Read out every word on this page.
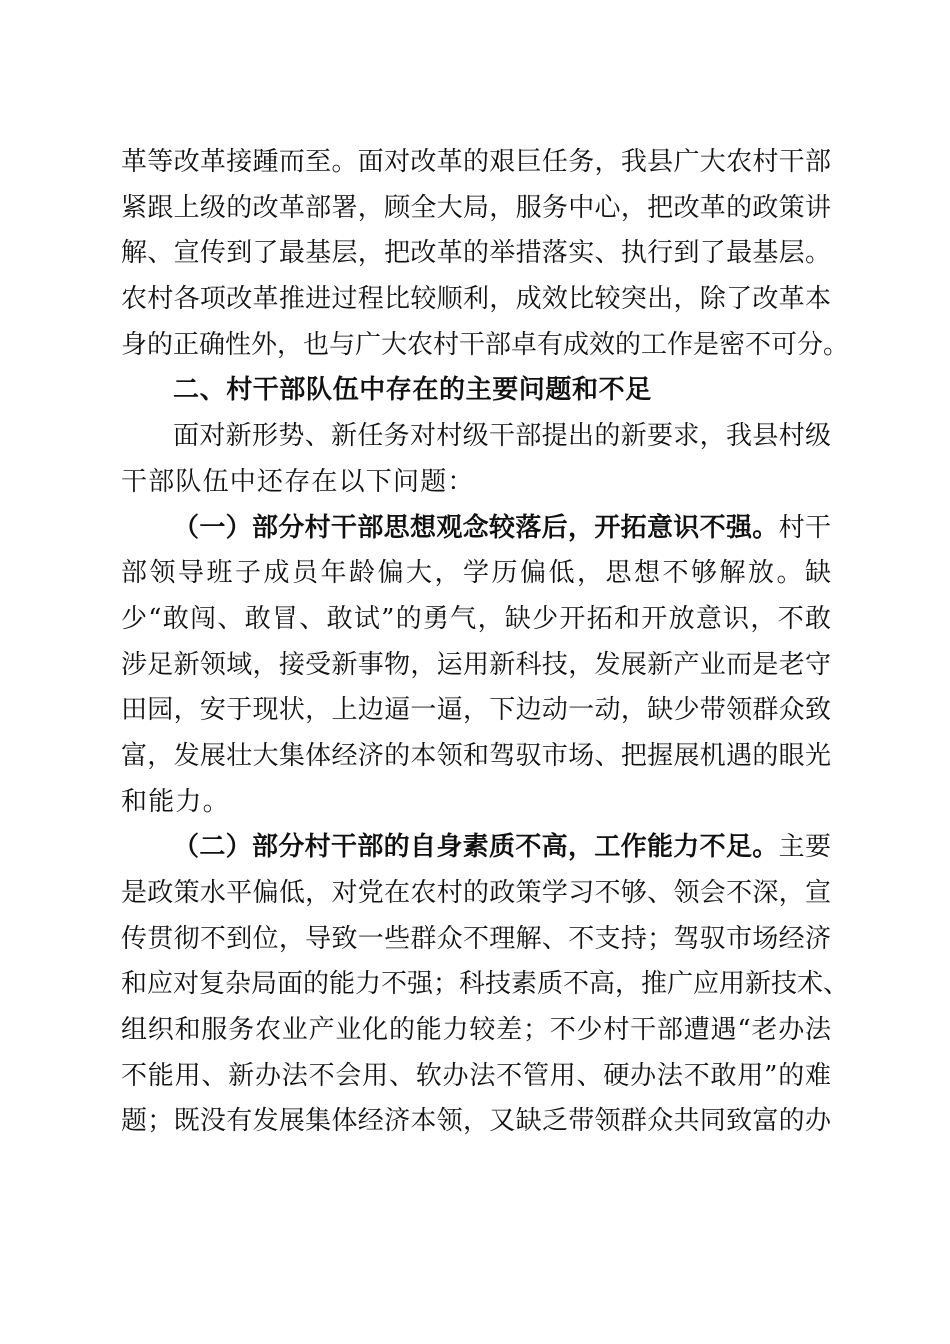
革等改革接踵而至。面对改革的艰巨任务，我县广大农村干部
紧跟上级的改革部署，顾全大局，服务中心，把改革的政策讲
解、宣传到了最基层，把改革的举措落实、执行到了最基层。
农村各项改革推进过程比较顺利，成效比较突出，除了改革本
身的正确性外，也与广大农村干部卓有成效的工作是密不可分。
二、村干部队伍中存在的主要问题和不足
面对新形势、新任务对村级干部提出的新要求，我县村级
干部队伍中还存在以下问题：
（一）部分村干部思想观念较落后，开拓意识不强。村干
部领导班子成员年龄偏大，学历偏低，思想不够解放。缺
少“敢闯、敢冒、敢试”的勇气，缺少开拓和开放意识，不敢
涉足新领域，接受新事物，运用新科技，发展新产业而是老守
田园，安于现状，上边逼一逼，下边动一动，缺少带领群众致
富，发展壮大集体经济的本领和驾驭市场、把握展机遇的眼光
和能力。
（二）部分村干部的自身素质不高，工作能力不足。主要
是政策水平偏低，对党在农村的政策学习不够、领会不深，宣
传贯彻不到位，导致一些群众不理解、不支持；驾驭市场经济
和应对复杂局面的能力不强；科技素质不高，推广应用新技术、
组织和服务农业产业化的能力较差；不少村干部遭遇“老办法
不能用、新办法不会用、软办法不管用、硬办法不敢用”的难
题；既没有发展集体经济本领，又缺乏带领群众共同致富的办
